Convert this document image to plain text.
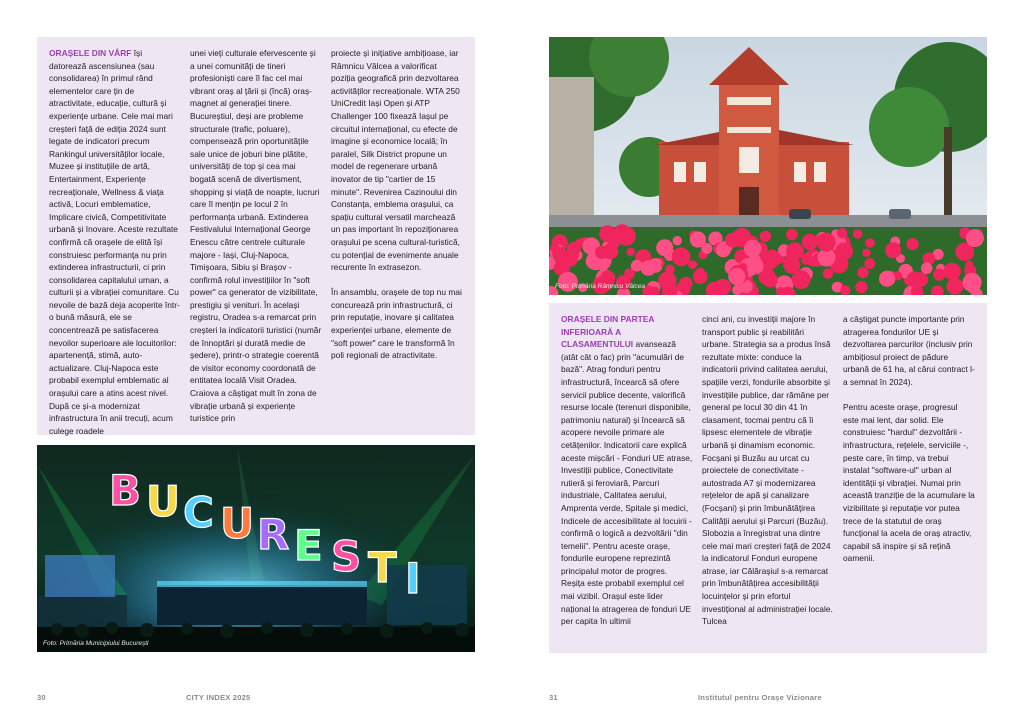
ORAȘELE DIN VÂRF își datorează ascensiunea (sau consolidarea) în primul rând elementelor care țin de atractivitate, educație, cultură și experiențe urbane. Cele mai mari creșteri față de ediția 2024 sunt legate de indicatori precum Rankingul universităților locale, Muzee și instituțiile de artă, Entertainment, Experiențe recreaționale, Wellness & viața activă, Locuri emblematice, Implicare civică, Competitivitate urbană și Inovare. Aceste rezultate confirmă că orașele de elită își construiesc performanța nu prin extinderea infrastructurii, ci prin consolidarea capitalului uman, a culturii și a vibrației comunitare. Cu nevoile de bază deja acoperite într-o bună măsură, ele se concentrează pe satisfacerea nevoilor superioare ale locuitorilor: apartenență, stimă, auto-actualizare. Cluj-Napoca este probabil exemplul emblematic al orașului care a atins acest nivel. După ce și-a modernizat infrastructura în anii trecuți, acum culege roadele

unei vieți culturale efervescente și a unei comunități de tineri profesioniști care îl fac cel mai vibrant oraș al țării și (încă) oraș-magnet al generației tinere. Bucureștiul, deși are probleme structurale (trafic, poluare), compensează prin oportunitățile sale unice de joburi bine plătite, universități de top și cea mai bogată scenă de divertisment, shopping și viață de noapte, lucruri care îl mențin pe locul 2 în performanța urbană. Extinderea Festivalului Internațional George Enescu către centrele culturale majore - Iași, Cluj-Napoca, Timișoara, Sibiu și Brașov - confirmă rolul investițiilor în "soft power" ca generator de vizibilitate, prestigiu și venituri. În același registru, Oradea s-a remarcat prin creșteri la indicatorii turistici (număr de înnoptări și durată medie de ședere), printr-o strategie coerentă de visitor economy coordonată de entitatea locală Visit Oradea. Craiova a câștigat mult în zona de vibrație urbană și experiențe turistice prin

proiecte și inițiative ambițioase, iar Râmnicu Vâlcea a valorificat poziția geografică prin dezvoltarea activităților recreaționale. WTA 250 UniCredit Iași Open și ATP Challenger 100 fixează Iașul pe circuitul internațional, cu efecte de imagine și economice locală; în paralel, Silk District propune un model de regenerare urbană inovator de tip "cartier de 15 minute". Revenirea Cazinoului din Constanța, emblema orașului, ca spațiu cultural versatil marchează un pas important în repoziționarea orașului pe scena cultural-turistică, cu potențial de evenimente anuale recurente în extrasezon.

În ansamblu, orașele de top nu mai concurează prin infrastructură, ci prin reputație, inovare și calitatea experienței urbane, elemente de "soft power" care le transformă în poli regionali de atractivitate.

B U C U R E S T I
Foto: Primăria Municipiului București
30	CITY INDEX 2025
Foto: Primăria Râmnicu Vâlcea

ORAȘELE DIN PARTEA INFERIOARĂ A CLASAMENTULUI avansează (atât cât o fac) prin "acumulări de bază". Atrag fonduri pentru infrastructură, încearcă să ofere servicii publice decente, valorifică resurse locale (terenuri disponibile, patrimoniu natural) și încearcă să acopere nevoile primare ale cetățenilor. Indicatorii care explică aceste mișcări - Fonduri UE atrase, Investiții publice, Conectivitate rutieră și feroviară, Parcuri industriale, Calitatea aerului, Amprenta verde, Spitale și medici, Indicele de accesibilitate al locuirii - confirmă o logică a dezvoltării "din temelii". Pentru aceste orașe, fondurile europene reprezintă principalul motor de progres. Reșița este probabil exemplul cel mai vizibil. Orașul este lider național la atragerea de fonduri UE per capita în ultimii

cinci ani, cu investiții majore în transport public și reabilitări urbane. Strategia sa a produs însă rezultate mixte: conduce la indicatorii privind calitatea aerului, spațiile verzi, fondurile absorbite și investițiile publice, dar rămâne per general pe locul 30 din 41 în clasament, tocmai pentru că îi lipsesc elementele de vibrație urbană și dinamism economic. Focșani și Buzău au urcat cu proiectele de conectivitate - autostrada A7 și modernizarea rețelelor de apă și canalizare (Focșani) și prin îmbunătățirea Calității aerului și Parcuri (Buzău). Slobozia a înregistrat una dintre cele mai mari creșteri față de 2024 la indicatorul Fonduri europene atrase, iar Călărașiul s-a remarcat prin îmbunătățirea accesibilității locuințelor și prin efortul investițional al administrației locale. Tulcea

a câștigat puncte importante prin atragerea fondurilor UE și dezvoltarea parcurilor (inclusiv prin ambițiosul proiect de pădure urbană de 61 ha, al cărui contract l-a semnat în 2024).

Pentru aceste orașe, progresul este mai lent, dar solid. Ele construiesc "hardul" dezvoltării - infrastructura, rețelele, serviciile -, peste care, în timp, va trebui instalat "software-ul" urban al identității și vibrației. Numai prin această tranziție de la acumulare la vizibilitate și reputație vor putea trece de la statutul de oraș funcțional la acela de oraș atractiv, capabil să inspire și să rețină oamenii.

31	Institutul pentru Orașe Vizionare
